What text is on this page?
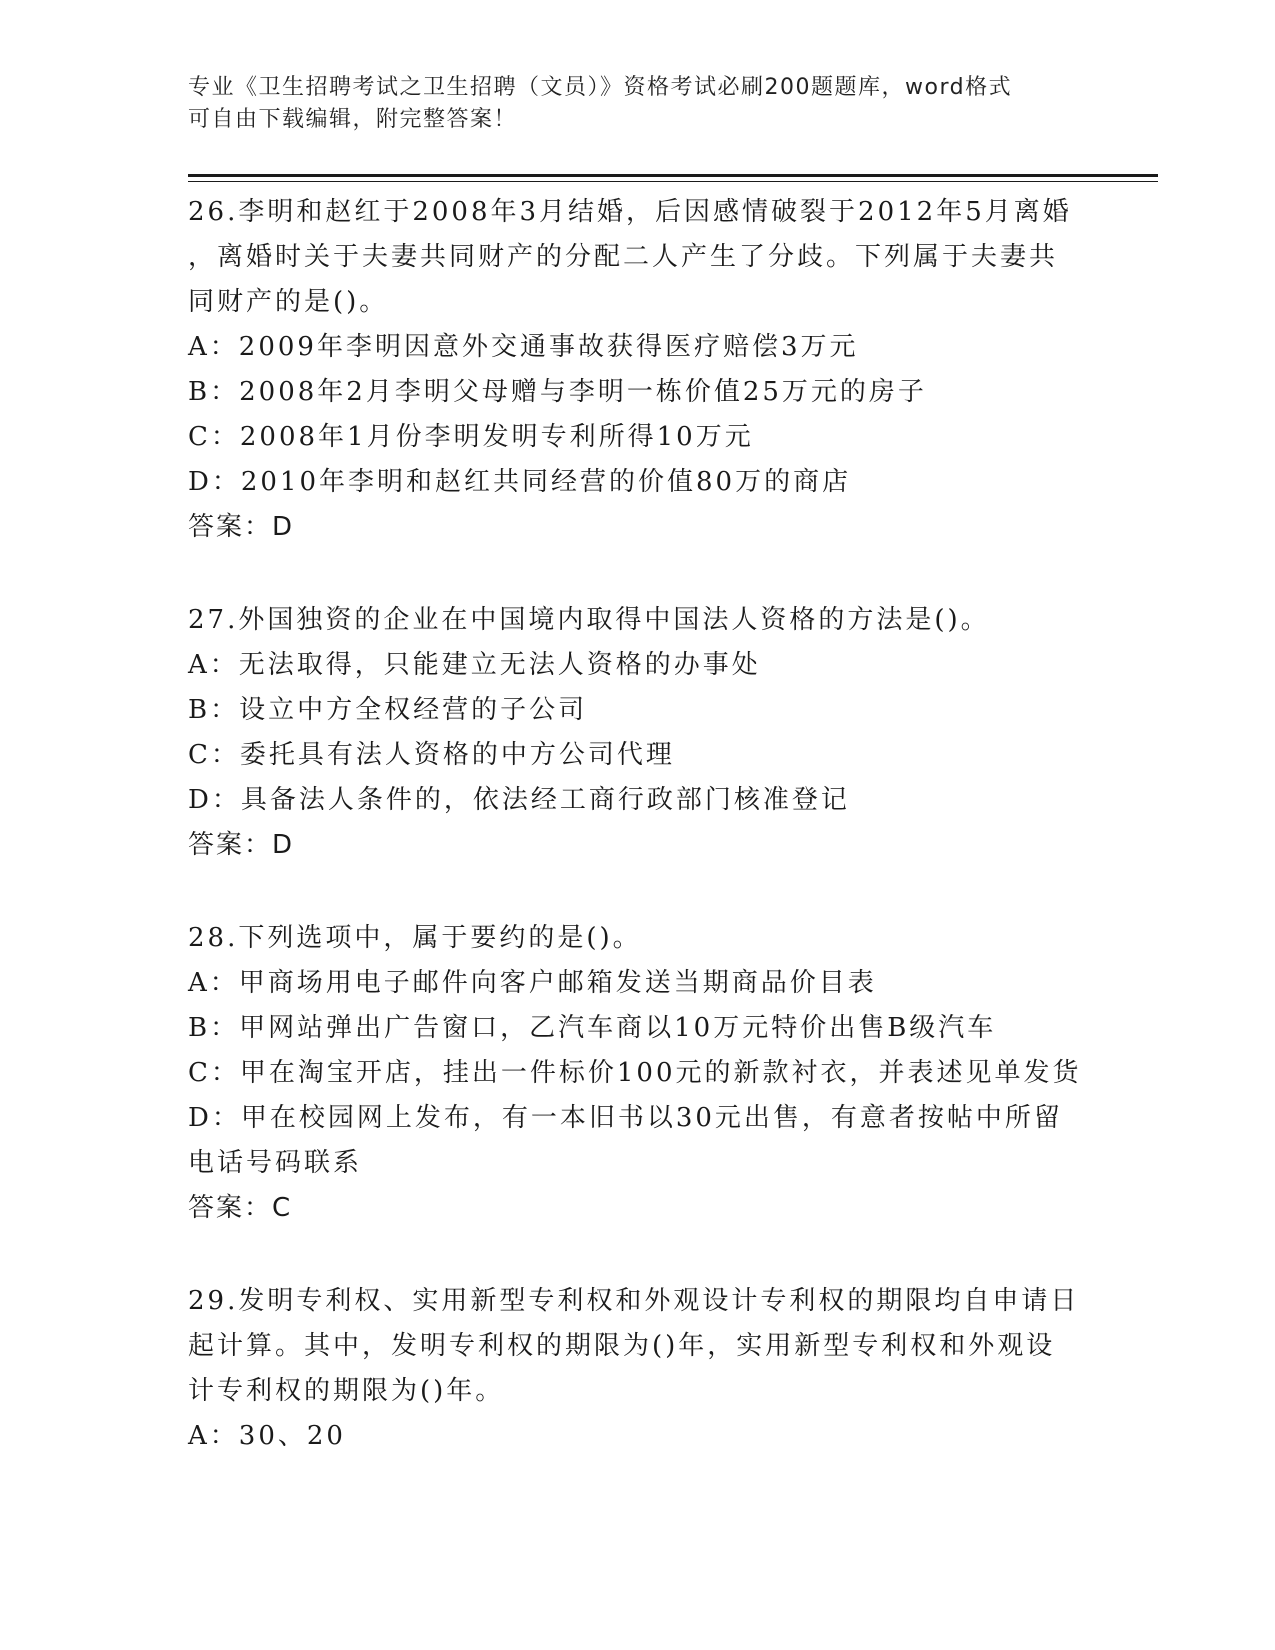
专业《卫生招聘考试之卫生招聘（文员）》资格考试必刷200题题库，word格式
可自由下载编辑，附完整答案！
26.李明和赵红于2008年3月结婚，后因感情破裂于2012年5月离婚
，离婚时关于夫妻共同财产的分配二人产生了分歧。下列属于夫妻共
同财产的是()。
A：2009年李明因意外交通事故获得医疗赔偿3万元
B：2008年2月李明父母赠与李明一栋价值25万元的房子
C：2008年1月份李明发明专利所得10万元
D：2010年李明和赵红共同经营的价值80万的商店
答案：D
27.外国独资的企业在中国境内取得中国法人资格的方法是()。
A：无法取得，只能建立无法人资格的办事处
B：设立中方全权经营的子公司
C：委托具有法人资格的中方公司代理
D：具备法人条件的，依法经工商行政部门核准登记
答案：D
28.下列选项中，属于要约的是()。
A：甲商场用电子邮件向客户邮箱发送当期商品价目表
B：甲网站弹出广告窗口，乙汽车商以10万元特价出售B级汽车
C：甲在淘宝开店，挂出一件标价100元的新款衬衣，并表述见单发货
D：甲在校园网上发布，有一本旧书以30元出售，有意者按帖中所留
电话号码联系
答案：C
29.发明专利权、实用新型专利权和外观设计专利权的期限均自申请日
起计算。其中，发明专利权的期限为()年，实用新型专利权和外观设
计专利权的期限为()年。
A：30、20
